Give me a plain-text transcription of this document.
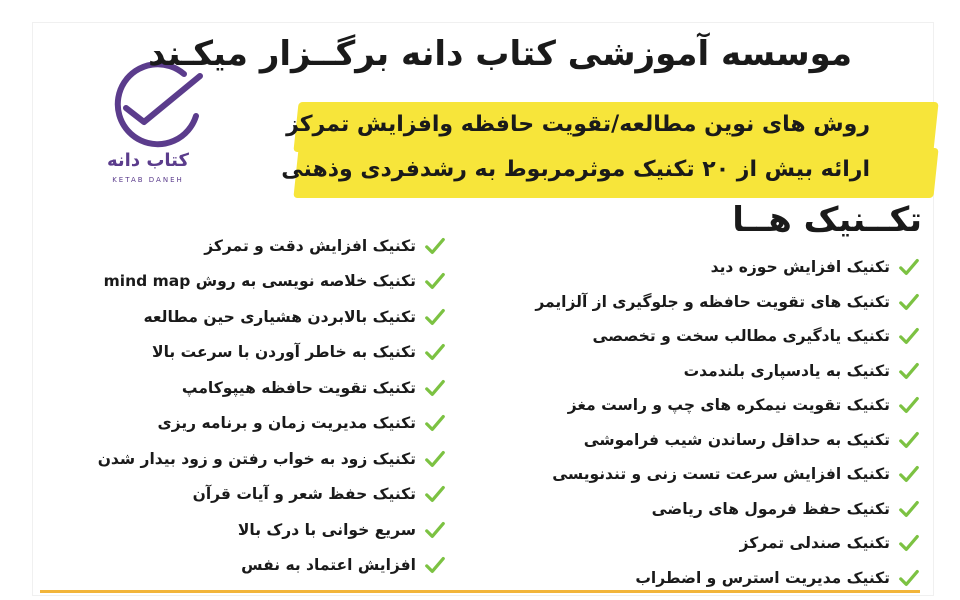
کتاب دانه
KETAB DANEH
موسسه آموزشی کتاب دانه برگــزار میکـند
روش های نوین مطالعه/تقویت حافظه وافزایش تمرکز
ارائه بیش از ۲۰ تکنیک موثرمربوط به رشدفردی وذهنی
تکــنیک هــا
تکنیک افزایش حوزه دید
تکنیک های تقویت حافظه و جلوگیری از آلزایمر
تکنیک یادگیری مطالب سخت و تخصصی
تکنیک به یادسپاری بلندمدت
تکنیک تقویت نیمکره های چپ و راست مغز
تکنیک به حداقل رساندن شیب فراموشی
تکنیک افزایش سرعت تست زنی و تندنویسی
تکنیک حفظ فرمول های ریاضی
تکنیک صندلی تمرکز
تکنیک مدیریت استرس و اضطراب
تکنیک افزایش دقت و تمرکز
تکنیک خلاصه نویسی به روش mind map
تکنیک بالابردن هشیاری حین مطالعه
تکنیک به خاطر آوردن با سرعت بالا
تکنیک تقویت حافظه هیپوکامپ
تکنیک مدیریت زمان و برنامه ریزی
تکنیک زود به خواب رفتن و زود بیدار شدن
تکنیک حفظ شعر و آیات قرآن
سریع خوانی با درک بالا
افزایش اعتماد به نفس
